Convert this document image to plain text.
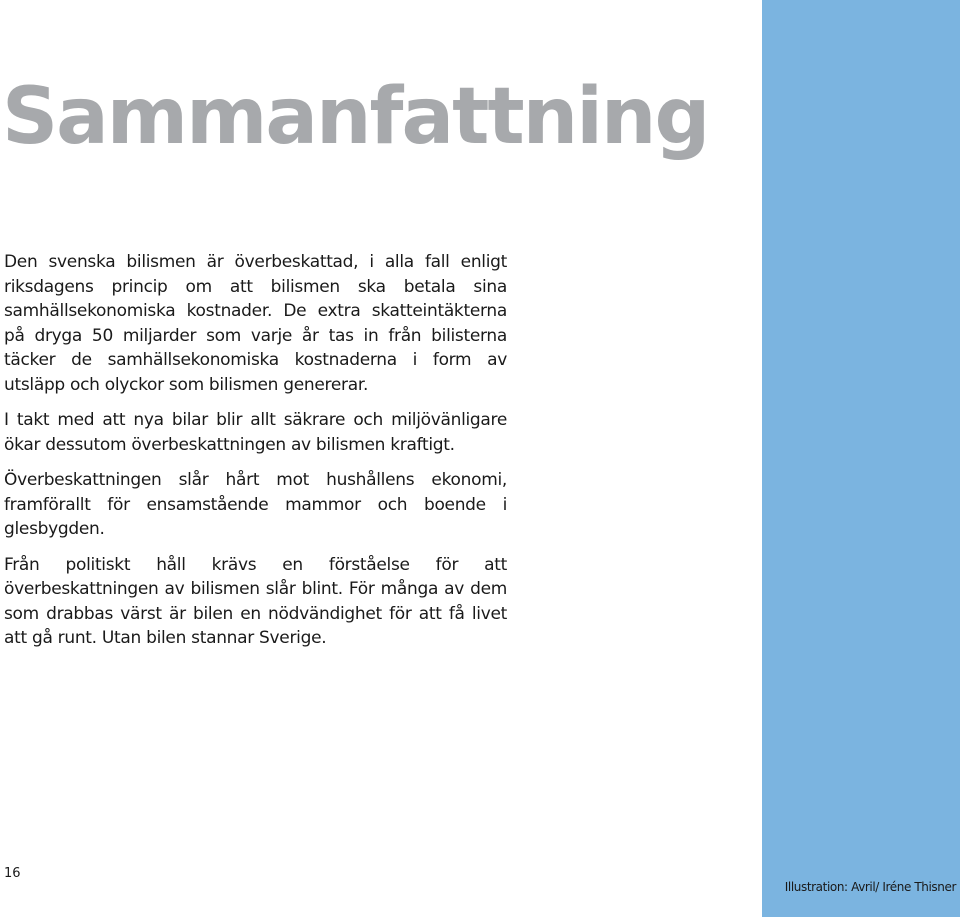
Sammanfattning

Den svenska bilismen är överbeskattad, i alla fall enligt riksdagens princip om att bilismen ska betala sina samhällsekonomiska kostnader. De extra skatteintäkterna på dryga 50 miljarder som varje år tas in från bilisterna täcker de samhällsekonomiska kostnaderna i form av utsläpp och olyckor som bilismen genererar.

I takt med att nya bilar blir allt säkrare och miljövänligare ökar dessutom överbeskattningen av bilismen kraftigt.

Överbeskattningen slår hårt mot hushållens ekonomi, framförallt för ensamstående mammor och boende i glesbygden.

Från politiskt håll krävs en förståelse för att överbeskattningen av bilismen slår blint. För många av dem som drabbas värst är bilen en nödvändighet för att få livet att gå runt. Utan bilen stannar Sverige.

16
Illustration: Avril/ Iréne Thisner
